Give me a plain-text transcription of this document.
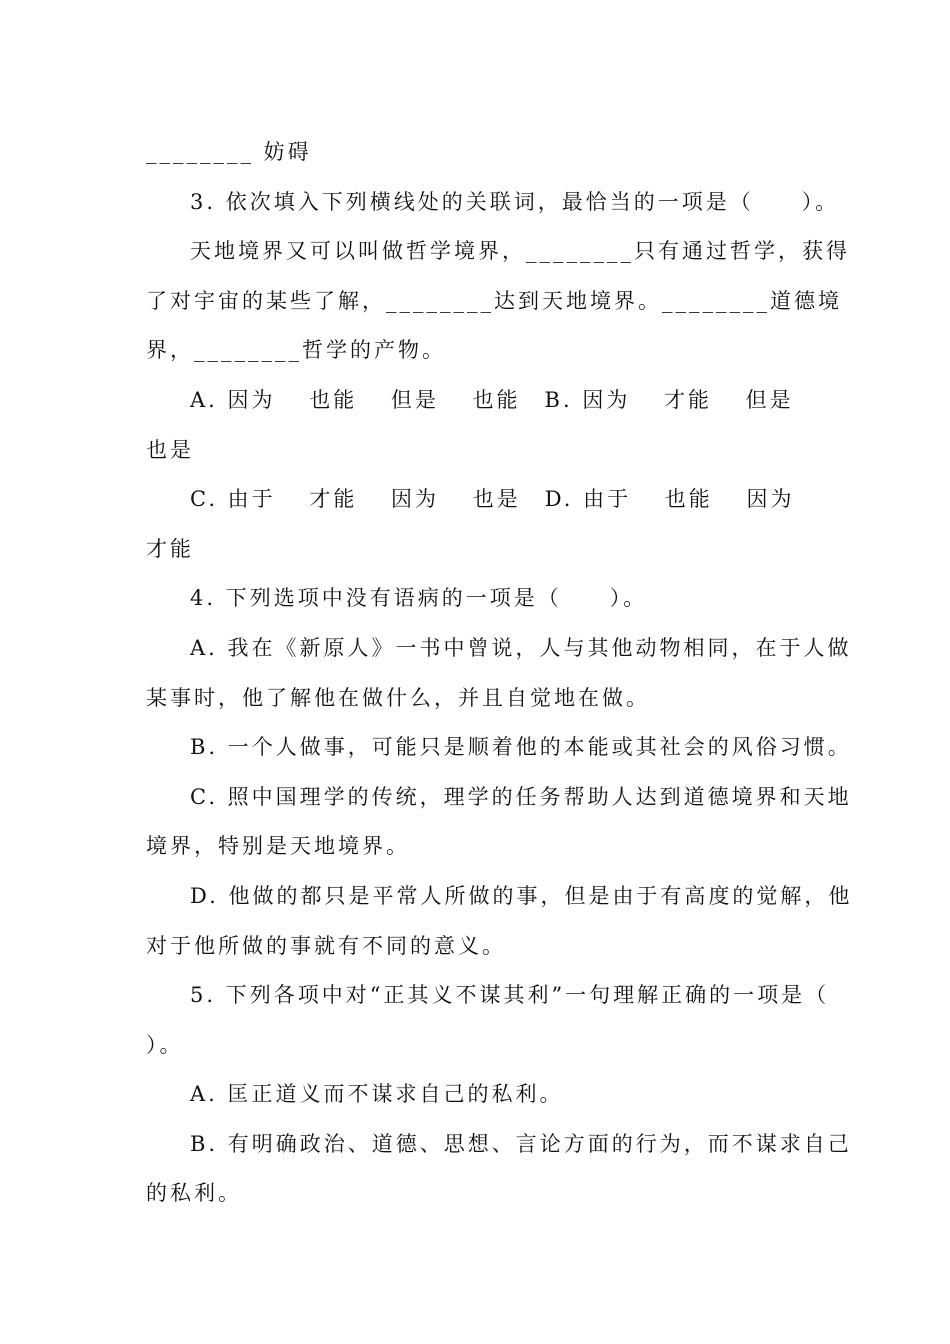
________ 妨碍
3. 依次填入下列横线处的关联词，最恰当的一项是（　　）。
天地境界又可以叫做哲学境界，________只有通过哲学，获得
了对宇宙的某些了解，________达到天地境界。________道德境
界，________哲学的产物。
A. 因为　 也能　 但是　 也能　B. 因为　 才能　 但是
也是
C. 由于　 才能　 因为　 也是　D. 由于　 也能　 因为
才能
4. 下列选项中没有语病的一项是（　　）。
A. 我在《新原人》一书中曾说，人与其他动物相同，在于人做
某事时，他了解他在做什么，并且自觉地在做。
B. 一个人做事，可能只是顺着他的本能或其社会的风俗习惯。
C. 照中国理学的传统，理学的任务帮助人达到道德境界和天地
境界，特别是天地境界。
D. 他做的都只是平常人所做的事，但是由于有高度的觉解，他
对于他所做的事就有不同的意义。
5. 下列各项中对“正其义不谋其利”一句理解正确的一项是（
）。
A. 匡正道义而不谋求自己的私利。
B. 有明确政治、道德、思想、言论方面的行为，而不谋求自己
的私利。
